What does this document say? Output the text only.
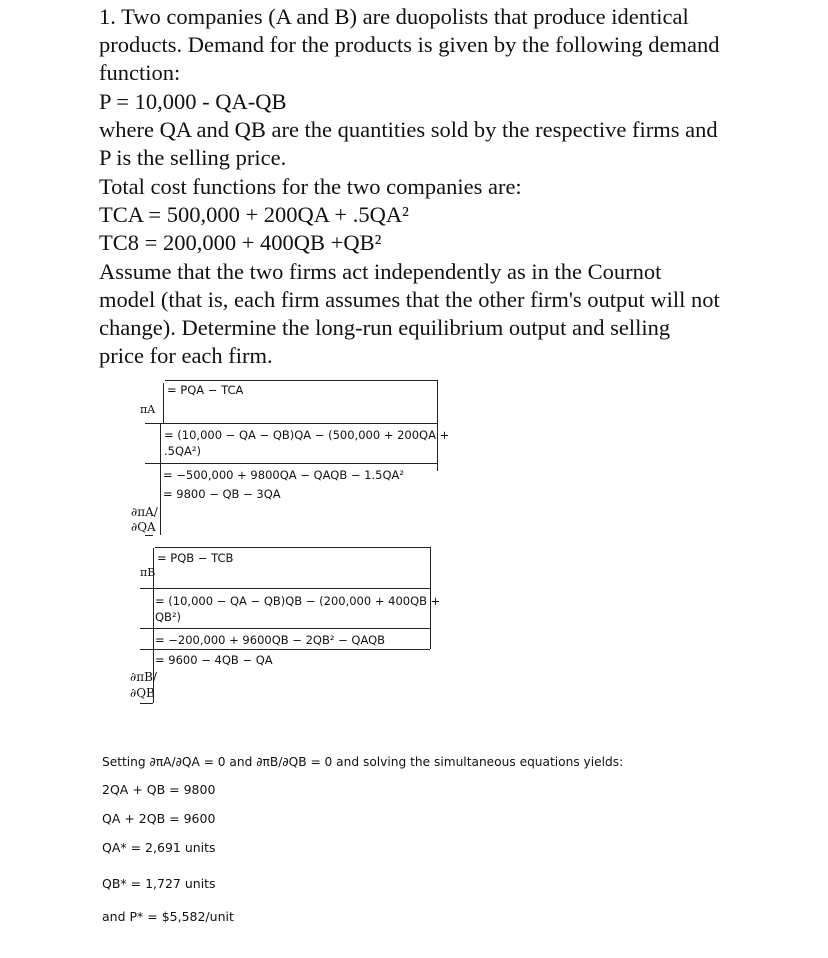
1. Two companies (A and B) are duopolists that produce identical
products. Demand for the products is given by the following demand
function:
P = 10,000 - QA-QB
where QA and QB are the quantities sold by the respective firms and
P is the selling price.
Total cost functions for the two companies are:
TCA = 500,000 + 200QA + .5QA²
TC8 = 200,000 + 400QB +QB²
Assume that the two firms act independently as in the Cournot
model (that is, each firm assumes that the other firm's output will not
change). Determine the long-run equilibrium output and selling
price for each firm.
πA
∂πA/
∂QA
= PQA − TCA
= (10,000 − QA − QB)QA − (500,000 + 200QA +
.5QA²)
= −500,000 + 9800QA − QAQB − 1.5QA²
= 9800 − QB − 3QA
πB
∂πB/
∂QB
= PQB − TCB
= (10,000 − QA − QB)QB − (200,000 + 400QB +
QB²)
= −200,000 + 9600QB − 2QB² − QAQB
= 9600 − 4QB − QA
Setting ∂πA/∂QA = 0 and ∂πB/∂QB = 0 and solving the simultaneous equations yields:
2QA + QB = 9800
QA + 2QB = 9600
QA* = 2,691 units
QB* = 1,727 units
and P* = $5,582/unit
